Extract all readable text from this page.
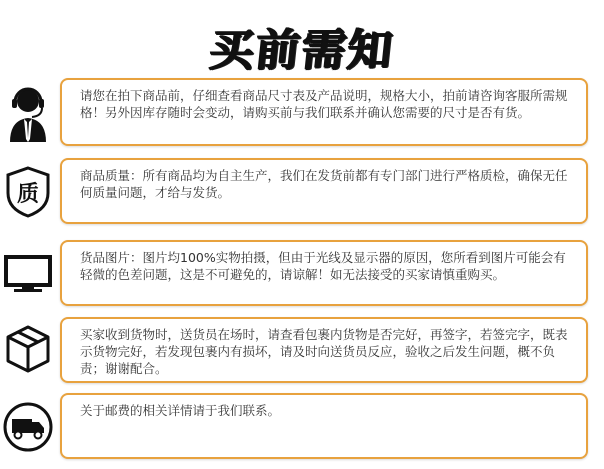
买前需知
请您在拍下商品前，仔细查看商品尺寸表及产品说明，规格大小，拍前请咨询客服所需规格！另外因库存随时会变动，请购买前与我们联系并确认您需要的尺寸是否有货。
质
商品质量：所有商品均为自主生产，我们在发货前都有专门部门进行严格质检，确保无任何质量问题，才给与发货。
货品图片：图片均100%实物拍摄，但由于光线及显示器的原因，您所看到图片可能会有轻微的色差问题，这是不可避免的，请谅解！如无法接受的买家请慎重购买。
买家收到货物时，送货员在场时，请查看包裹内货物是否完好，再签字，若签完字，既表示货物完好，若发现包裹内有损坏，请及时向送货员反应，验收之后发生问题，概不负责；谢谢配合。
关于邮费的相关详情请于我们联系。
